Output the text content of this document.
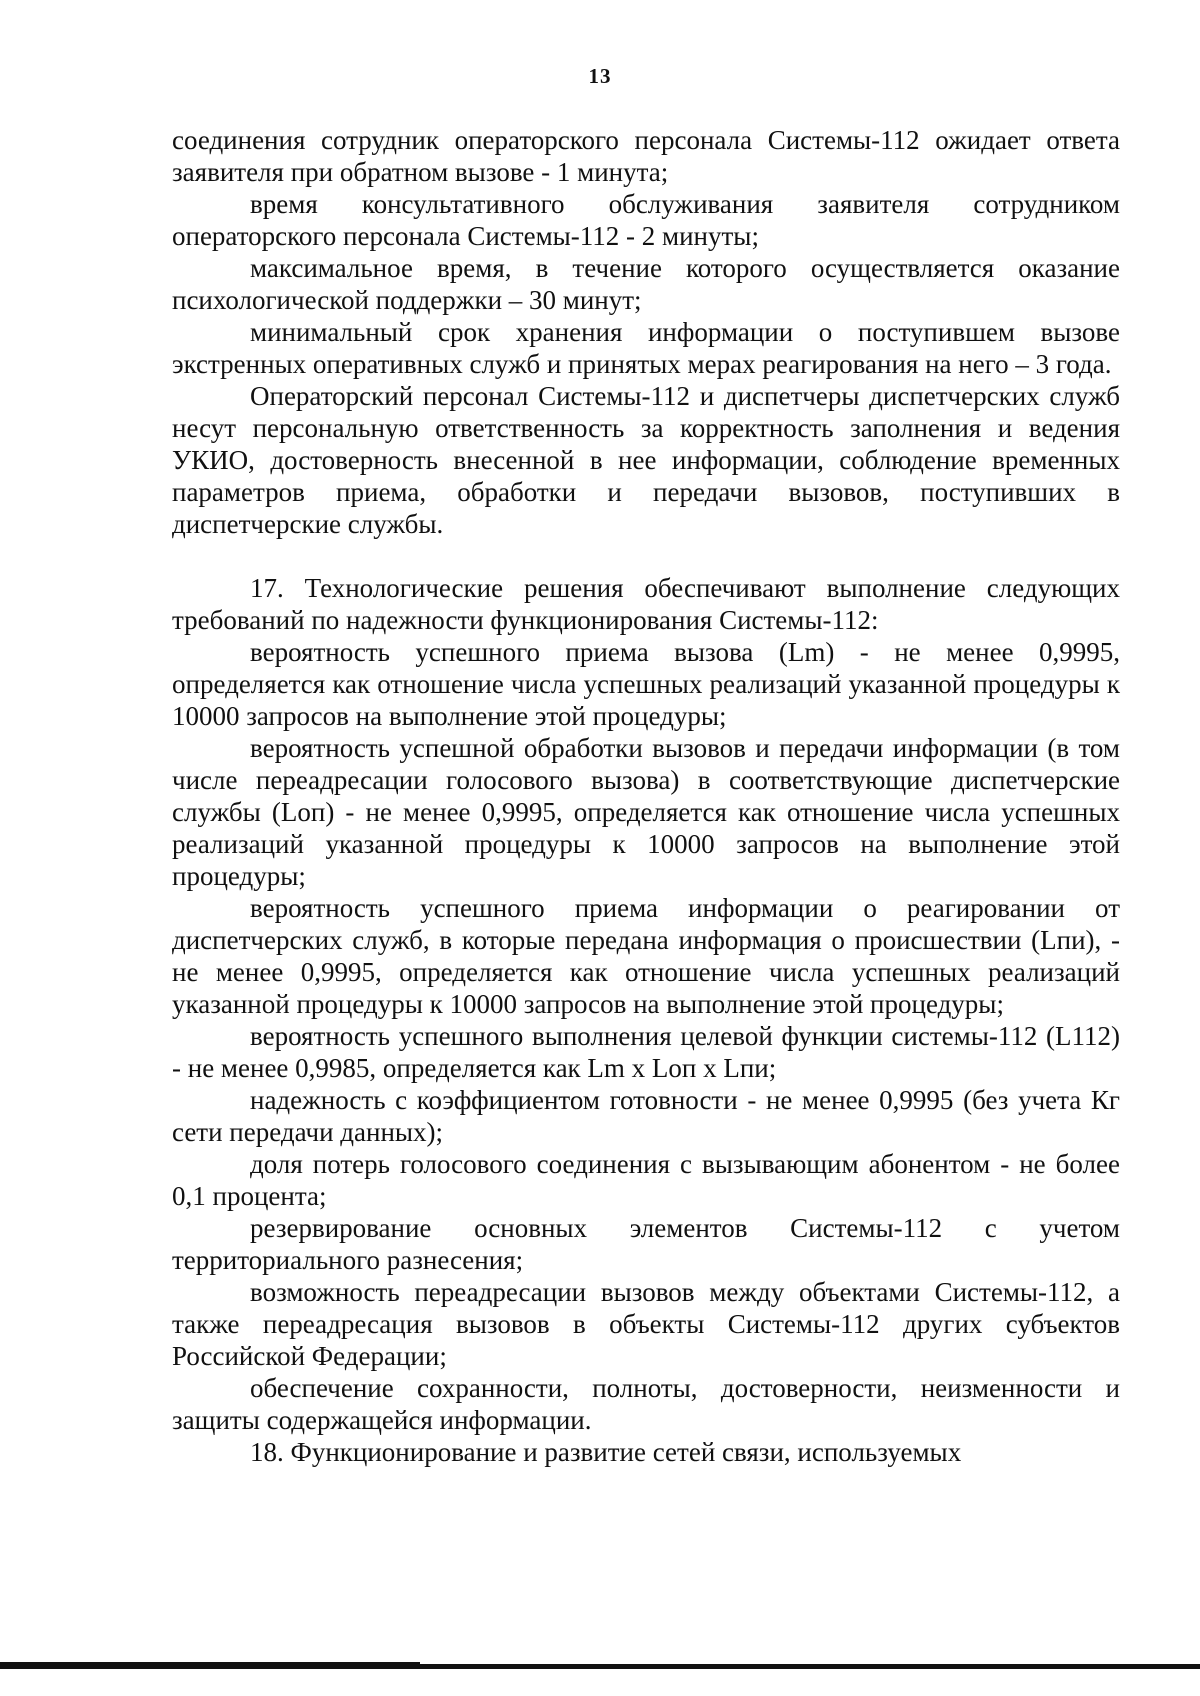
13

соединения сотрудник операторского персонала Системы-112 ожидает ответа заявителя при обратном вызове - 1 минута;

время консультативного обслуживания заявителя сотрудником операторского персонала Системы-112 - 2 минуты;

максимальное время, в течение которого осуществляется оказание психологической поддержки – 30 минут;

минимальный срок хранения информации о поступившем вызове экстренных оперативных служб и принятых мерах реагирования на него – 3 года.

Операторский персонал Системы-112 и диспетчеры диспетчерских служб несут персональную ответственность за корректность заполнения и ведения УКИО, достоверность внесенной в нее информации, соблюдение временных параметров приема, обработки и передачи вызовов, поступивших в диспетчерские службы.

17. Технологические решения обеспечивают выполнение следующих требований по надежности функционирования Системы-112:

вероятность успешного приема вызова (Lm) - не менее 0,9995, определяется как отношение числа успешных реализаций указанной процедуры к 10000 запросов на выполнение этой процедуры;

вероятность успешной обработки вызовов и передачи информации (в том числе переадресации голосового вызова) в соответствующие диспетчерские службы (Lоп) - не менее 0,9995, определяется как отношение числа успешных реализаций указанной процедуры к 10000 запросов на выполнение этой процедуры;

вероятность успешного приема информации о реагировании от диспетчерских служб, в которые передана информация о происшествии (Lпи), - не менее 0,9995, определяется как отношение числа успешных реализаций указанной процедуры к 10000 запросов на выполнение этой процедуры;

вероятность успешного выполнения целевой функции системы-112 (L112) - не менее 0,9985, определяется как Lm x Lоп x Lпи;

надежность с коэффициентом готовности - не менее 0,9995 (без учета Кг сети передачи данных);

доля потерь голосового соединения с вызывающим абонентом - не более 0,1 процента;

резервирование основных элементов Системы-112 с учетом территориального разнесения;

возможность переадресации вызовов между объектами Системы-112, а также переадресация вызовов в объекты Системы-112 других субъектов Российской Федерации;

обеспечение сохранности, полноты, достоверности, неизменности и защиты содержащейся информации.

18. Функционирование и развитие сетей связи, используемых
